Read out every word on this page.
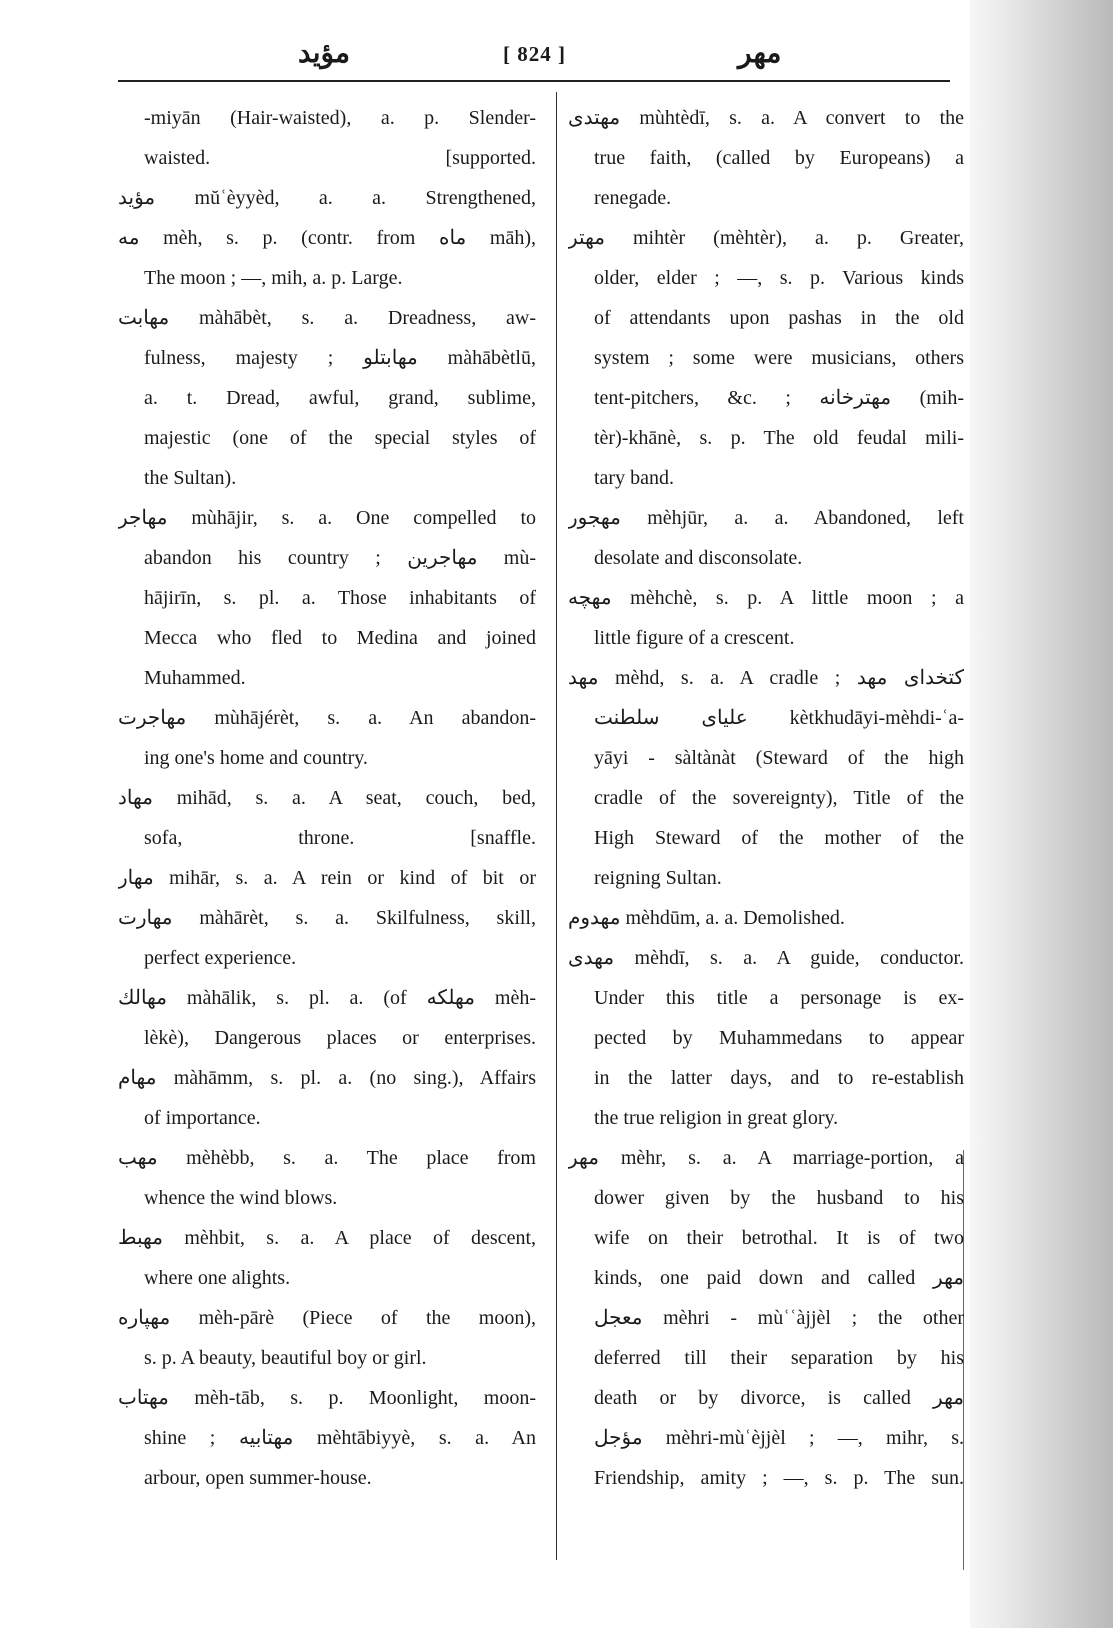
مؤيد	[ 824 ]	مهر
-miyān (Hair-waisted), a. p. Slender-
waisted. [supported.
مؤيد mŭʿèyyèd, a. a. Strengthened,
مه mèh, s. p. (contr. from ماه māh),
The moon ; —, mih, a. p. Large.
مهابت màhābèt, s. a. Dreadness, aw-
fulness, majesty ; مهابتلو màhābètlū,
a. t. Dread, awful, grand, sublime,
majestic (one of the special styles of
the Sultan).
مهاجر mùhājir, s. a. One compelled to
abandon his country ; مهاجرين mù-
hājirīn, s. pl. a. Those inhabitants of
Mecca who fled to Medina and joined
Muhammed.
مهاجرت mùhājérèt, s. a. An abandon-
ing one's home and country.
مهاد mihād, s. a. A seat, couch, bed,
sofa, throne. [snaffle.
مهار mihār, s. a. A rein or kind of bit or
مهارت màhārèt, s. a. Skilfulness, skill,
perfect experience.
مهالك màhālik, s. pl. a. (of مهلكه mèh-
lèkè), Dangerous places or enterprises.
مهام màhāmm, s. pl. a. (no sing.), Affairs
of importance.
مهب mèhèbb, s. a. The place from
whence the wind blows.
مهبط mèhbit, s. a. A place of descent,
where one alights.
مهپاره mèh-pārè (Piece of the moon),
s. p. A beauty, beautiful boy or girl.
مهتاب mèh-tāb, s. p. Moonlight, moon-
shine ; مهتابيه mèhtābiyyè, s. a. An
arbour, open summer-house.
مهتدى mùhtèdī, s. a. A convert to the
true faith, (called by Europeans) a
renegade.
مهتر mihtèr (mèhtèr), a. p. Greater,
older, elder ; —, s. p. Various kinds
of attendants upon pashas in the old
system ; some were musicians, others
tent-pitchers, &c. ; مهترخانه (mih-
tèr)-khānè, s. p. The old feudal mili-
tary band.
مهجور mèhjūr, a. a. Abandoned, left
desolate and disconsolate.
مهچه mèhchè, s. p. A little moon ; a
little figure of a crescent.
مهد mèhd, s. a. A cradle ; كتخداى مهد
عليای سلطنت kètkhudāyi-mèhdi-ʿa-
yāyi - sàltànàt (Steward of the high
cradle of the sovereignty), Title of the
High Steward of the mother of the
reigning Sultan.
مهدوم mèhdūm, a. a. Demolished.
مهدى mèhdī, s. a. A guide, conductor.
Under this title a personage is ex-
pected by Muhammedans to appear
in the latter days, and to re-establish
the true religion in great glory.
مهر mèhr, s. a. A marriage-portion, a
dower given by the husband to his
wife on their betrothal. It is of two
kinds, one paid down and called مهر
معجل mèhri - mùʿʿàjjèl ; the other
deferred till their separation by his
death or by divorce, is called مهر
مؤجل mèhri-mùʿèjjèl ; —, mihr, s.
Friendship, amity ; —, s. p. The sun.
